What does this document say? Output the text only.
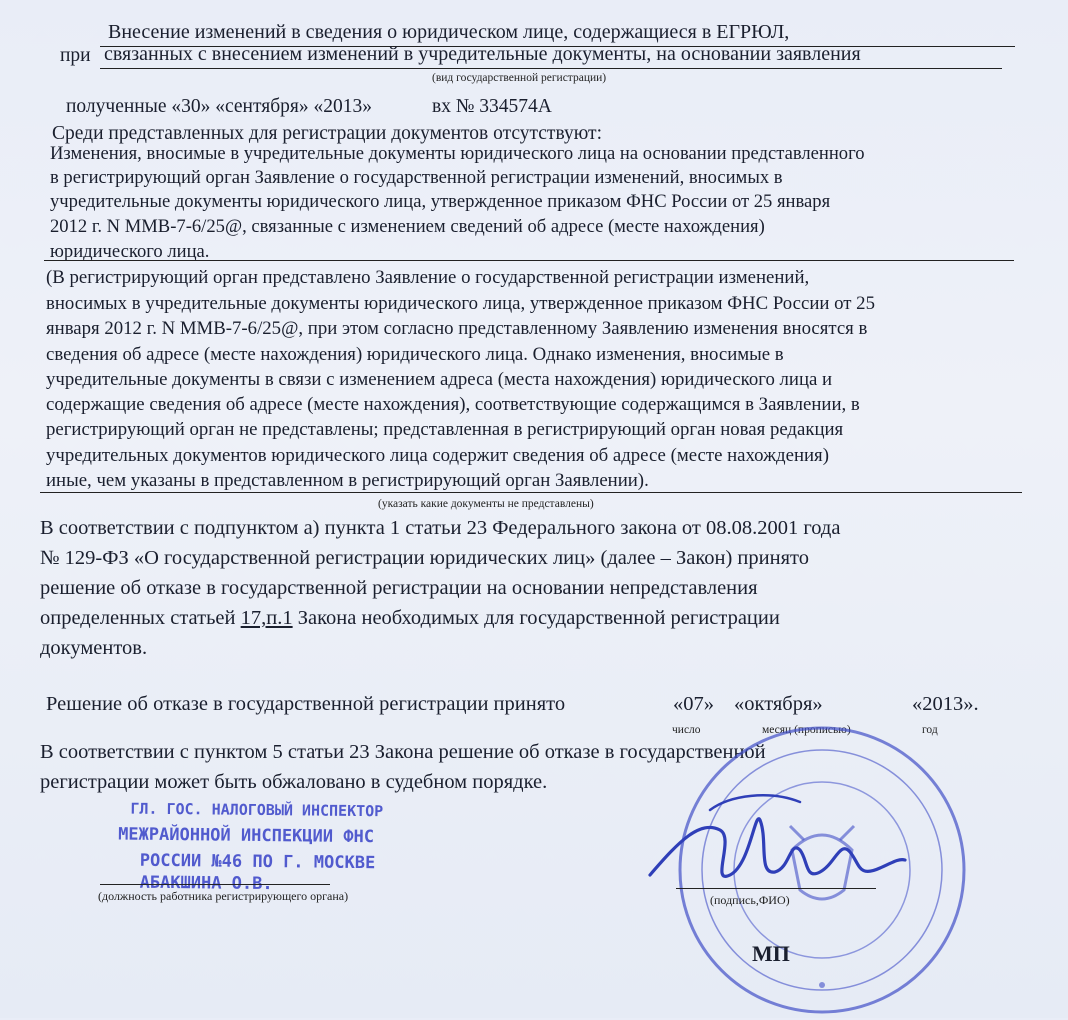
при
Внесение изменений в сведения о юридическом лице, содержащиеся в ЕГРЮЛ,
связанных с внесением изменений в учредительные документы, на основании заявления
(вид государственной регистрации)
полученные «30» «сентября» «2013»	вх № 334574А
Среди представленных для регистрации документов отсутствуют:
Изменения, вносимые в учредительные документы юридического лица на основании представленного
в регистрирующий орган Заявление о государственной регистрации изменений, вносимых в
учредительные документы юридического лица, утвержденное приказом ФНС России от 25 января
2012 г. N ММВ-7-6/25@, связанные с изменением сведений об адресе (месте нахождения)
юридического лица.
(В регистрирующий орган представлено Заявление о государственной регистрации изменений,
вносимых в учредительные документы юридического лица, утвержденное приказом ФНС России от 25
января 2012 г. N ММВ-7-6/25@, при этом согласно представленному Заявлению изменения вносятся в
сведения об адресе (месте нахождения) юридического лица. Однако изменения, вносимые в
учредительные документы в связи с изменением адреса (места нахождения) юридического лица и
содержащие сведения об адресе (месте нахождения), соответствующие содержащимся в Заявлении, в
регистрирующий орган не представлены; представленная в регистрирующий орган новая редакция
учредительных документов юридического лица содержит сведения об адресе (месте нахождения)
иные, чем указаны в представленном в регистрирующий орган Заявлении).
(указать какие документы не представлены)
В соответствии с подпунктом а) пункта 1 статьи 23 Федерального закона от 08.08.2001 года
№ 129-ФЗ «О государственной регистрации юридических лиц» (далее – Закон) принято
решение об отказе в государственной регистрации на основании непредставления
определенных статьей 17,п.1 Закона необходимых для государственной регистрации
документов.
Решение об отказе в государственной регистрации принято	«07» «октября»	«2013».
число	месяц (прописью)	год
В соответствии с пунктом 5 статьи 23 Закона решение об отказе в государственной
регистрации может быть обжаловано в судебном порядке.
ГЛ. ГОС. НАЛОГОВЫЙ ИНСПЕКТОР
МЕЖРАЙОННОЙ ИНСПЕКЦИИ ФНС
РОССИИ №46 ПО Г. МОСКВЕ
АБАКШИНА О.В.
(должность работника регистрирующего органа)	(подпись,ФИО)
МП
